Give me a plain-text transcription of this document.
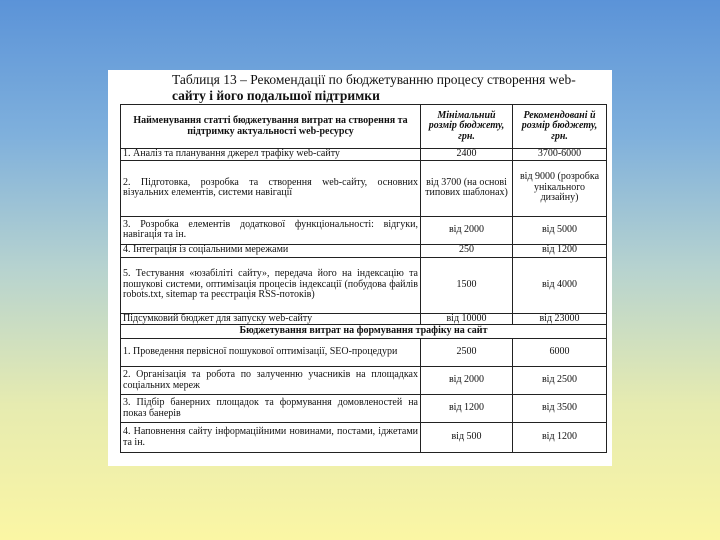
Таблиця 13 – Рекомендації по бюджетуванню процесу створення web-
сайту і його подальшої підтримки
Найменування статті бюджетування витрат на створення та підтримку актуальності web-ресурсу	Мінімальний розмір бюджету, грн.	Рекомендовані й розмір бюджету, грн.
1. Аналіз та планування джерел трафіку web-сайту	2400	3700-6000
2. Підготовка, розробка та створення web-сайту, основних візуальних елементів, системи навігації	від 3700 (на основі типових шаблонах)	від 9000 (розробка унікального дизайну)
3. Розробка елементів додаткової функціональності: відгуки, навігація та ін.	від 2000	від 5000
4. Інтеграція із соціальними мережами	250	від 1200
5. Тестування «юзабіліті сайту», передача його на індексацію та пошукові системи, оптимізація процесів індексації (побудова файлів robots.txt, sitemap та реєстрація RSS-потоків)	1500	від 4000
Підсумковий бюджет для запуску web-сайту	від 10000	від 23000
Бюджетування витрат на формування трафіку на сайт		
1. Проведення первісної пошукової оптимізації, SEO-процедури	2500	6000
2. Організація та робота по залученню учасників на площадках соціальних мереж	від 2000	від 2500
3. Підбір банерних площадок та формування домовленостей на показ банерів	від 1200	від 3500
4. Наповнення сайту інформаційними новинами, постами, іджетами та ін.	від 500	від 1200
